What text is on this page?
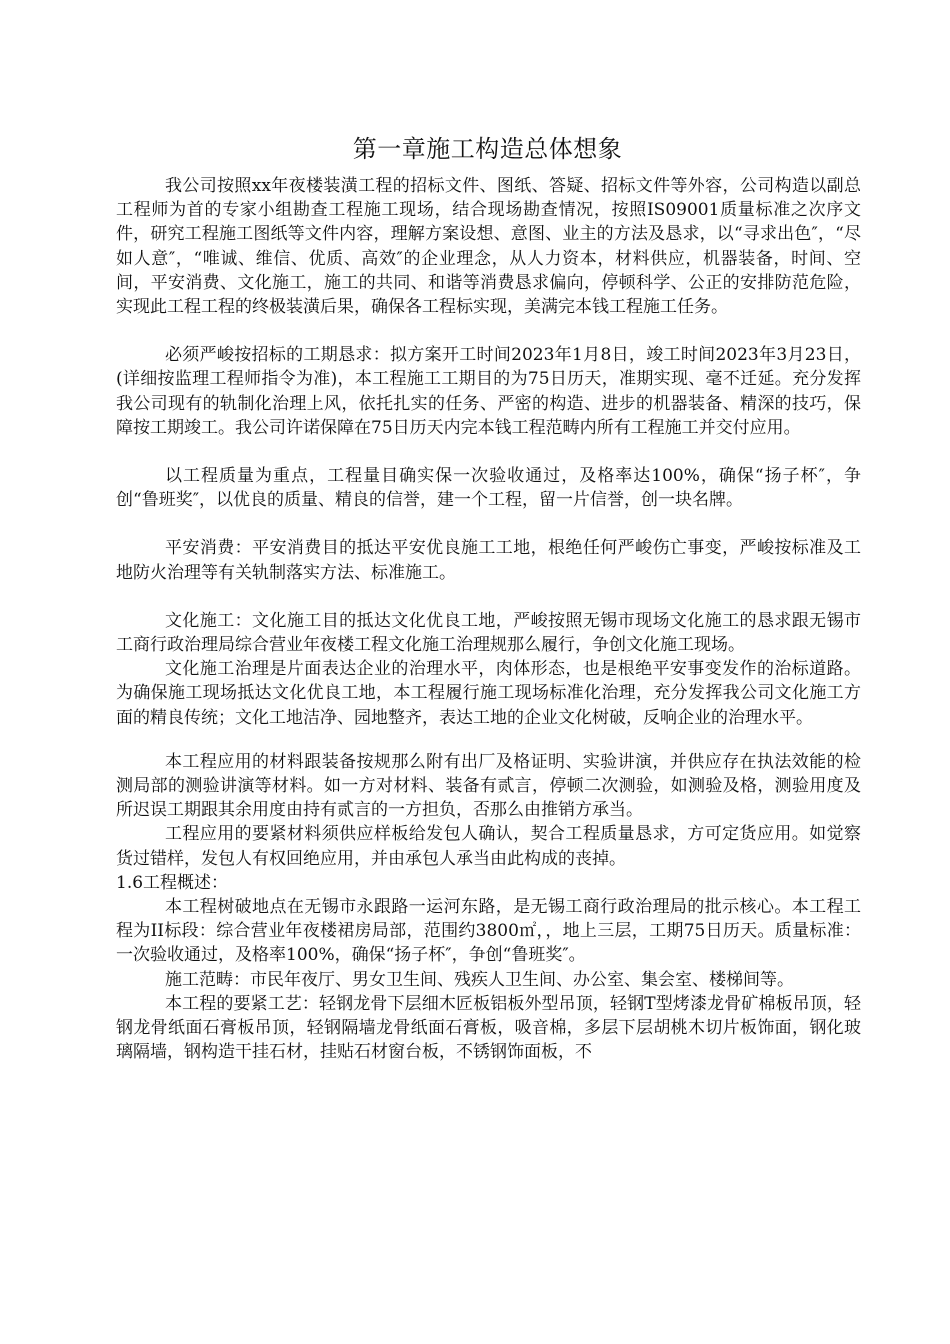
第一章施工构造总体想象

我公司按照xx年夜楼装潢工程的招标文件、图纸、答疑、招标文件等外容，公司构造以副总工程师为首的专家小组勘查工程施工现场，结合现场勘查情况，按照IS09001质量标准之次序文件，研究工程施工图纸等文件内容，理解方案设想、意图、业主的方法及恳求，以“寻求出色″，“尽如人意″，“唯诚、维信、优质、高效″的企业理念，从人力资本，材料供应，机器装备，时间、空间，平安消费、文化施工，施工的共同、和谐等消费恳求偏向，停顿科学、公正的安排防范危险，实现此工程工程的终极装潢后果，确保各工程标实现，美满完本钱工程施工任务。

必须严峻按招标的工期恳求：拟方案开工时间2023年1月8日，竣工时间2023年3月23日，(详细按监理工程师指令为准)，本工程施工工期目的为75日历天，准期实现、毫不迁延。充分发挥我公司现有的轨制化治理上风，依托扎实的任务、严密的构造、进步的机器装备、精深的技巧，保障按工期竣工。我公司许诺保障在75日历天内完本钱工程范畴内所有工程施工并交付应用。

以工程质量为重点，工程量目确实保一次验收通过，及格率达100%，确保“扬子杯″，争创“鲁班奖″，以优良的质量、精良的信誉，建一个工程，留一片信誉，创一块名牌。

平安消费：平安消费目的抵达平安优良施工工地，根绝任何严峻伤亡事变，严峻按标准及工地防火治理等有关轨制落实方法、标准施工。

文化施工：文化施工目的抵达文化优良工地，严峻按照无锡市现场文化施工的恳求跟无锡市工商行政治理局综合营业年夜楼工程文化施工治理规那么履行，争创文化施工现场。

文化施工治理是片面表达企业的治理水平，肉体形态，也是根绝平安事变发作的治标道路。为确保施工现场抵达文化优良工地，本工程履行施工现场标准化治理，充分发挥我公司文化施工方面的精良传统；文化工地洁净、园地整齐，表达工地的企业文化树破，反响企业的治理水平。

本工程应用的材料跟装备按规那么附有出厂及格证明、实验讲演，并供应存在执法效能的检测局部的测验讲演等材料。如一方对材料、装备有贰言，停顿二次测验，如测验及格，测验用度及所迟误工期跟其余用度由持有贰言的一方担负，否那么由推销方承当。

工程应用的要紧材料须供应样板给发包人确认，契合工程质量恳求，方可定货应用。如觉察货过错样，发包人有权回绝应用，并由承包人承当由此构成的丧掉。

1.6工程概述：

本工程树破地点在无锡市永跟路一运河东路，是无锡工商行政治理局的批示核心。本工程工程为II标段：综合营业年夜楼裙房局部，范围约3800㎡，，地上三层，工期75日历天。质量标准：一次验收通过，及格率100%，确保“扬子杯″，争创“鲁班奖″。

施工范畴：市民年夜厅、男女卫生间、残疾人卫生间、办公室、集会室、楼梯间等。

本工程的要紧工艺：轻钢龙骨下层细木匠板铝板外型吊顶，轻钢T型烤漆龙骨矿棉板吊顶，轻钢龙骨纸面石膏板吊顶，轻钢隔墙龙骨纸面石膏板，吸音棉，多层下层胡桃木切片板饰面，钢化玻璃隔墙，钢构造干挂石材，挂贴石材窗台板，不锈钢饰面板，不
